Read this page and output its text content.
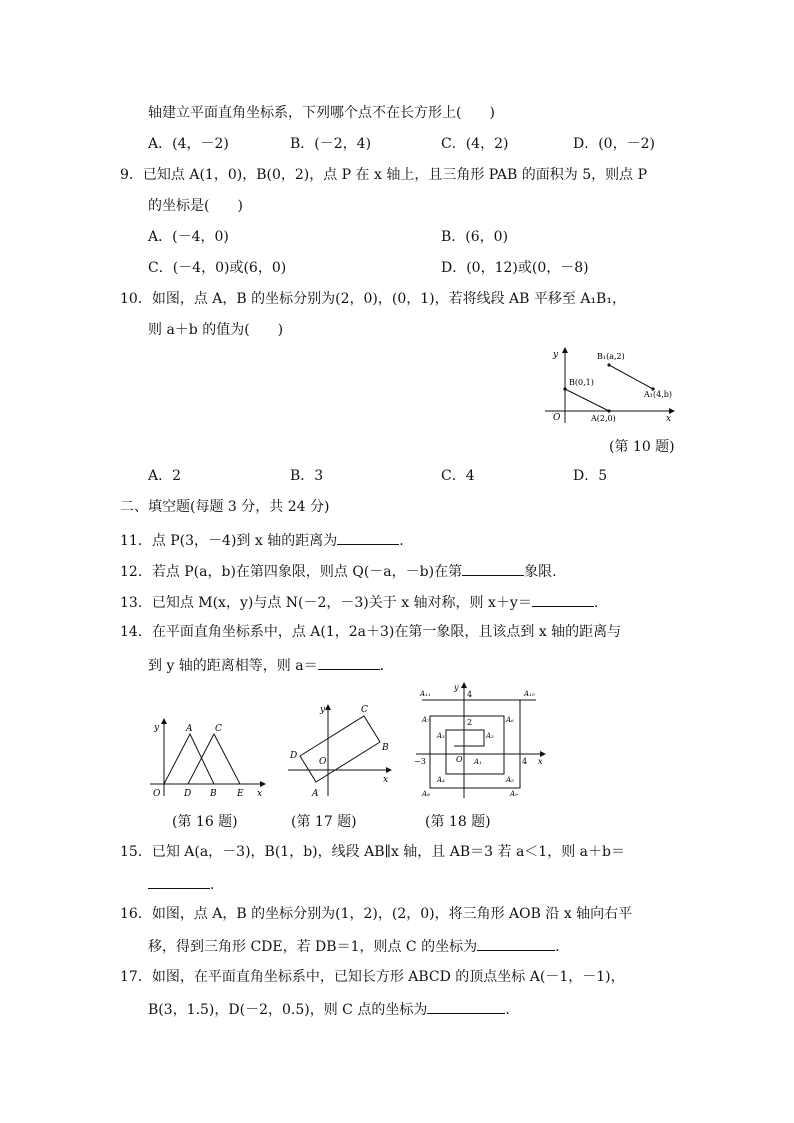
轴建立平面直角坐标系，下列哪个点不在长方形上(　　)
A．(4，－2)	B．(－2，4)	C．(4，2)	D．(0，－2)
9．已知点 A(1，0)，B(0，2)，点 P 在 x 轴上，且三角形 PAB 的面积为 5，则点 P
的坐标是(　　)
A．(－4，0)	B．(6，0)
C．(－4，0)或(6，0)	D．(0，12)或(0，－8)
10．如图，点 A，B 的坐标分别为(2，0)，(0，1)，若将线段 AB 平移至 A₁B₁，
则 a＋b 的值为(　　)
y
x
O
B(0,1)
A(2,0)
B₁(a,2)
A₁(4,b)
(第 10 题)
A．2	B．3	C．4	D．5
二、填空题(每题 3 分，共 24 分)
11．点 P(3，－4)到 x 轴的距离为	.
12．若点 P(a，b)在第四象限，则点 Q(－a，－b)在第	象限.
13．已知点 M(x，y)与点 N(－2，－3)关于 x 轴对称，则 x＋y＝	.
14．在平面直角坐标系中，点 A(1，2a＋3)在第一象限，且该点到 x 轴的距离与
到 y 轴的距离相等，则 a＝	.
y
x
O
A	C
D B E
(第 16 题)
y
x
O
A
B
C
D
(第 17 题)
y
x
O
4
2
−3	4
A₁
A₂
A₃
A₄	A₅
A₆
A₇
A₈	A₉
A₁₀
A₁₁
(第 18 题)
15．已知 A(a，－3)，B(1，b)，线段 AB∥x 轴，且 AB＝3 若 a＜1，则 a＋b＝
.
16．如图，点 A，B 的坐标分别为(1，2)，(2，0)，将三角形 AOB 沿 x 轴向右平
移，得到三角形 CDE，若 DB＝1，则点 C 的坐标为	.
17．如图，在平面直角坐标系中，已知长方形 ABCD 的顶点坐标 A(－1，－1)，
B(3，1.5)，D(－2，0.5)，则 C 点的坐标为	.
